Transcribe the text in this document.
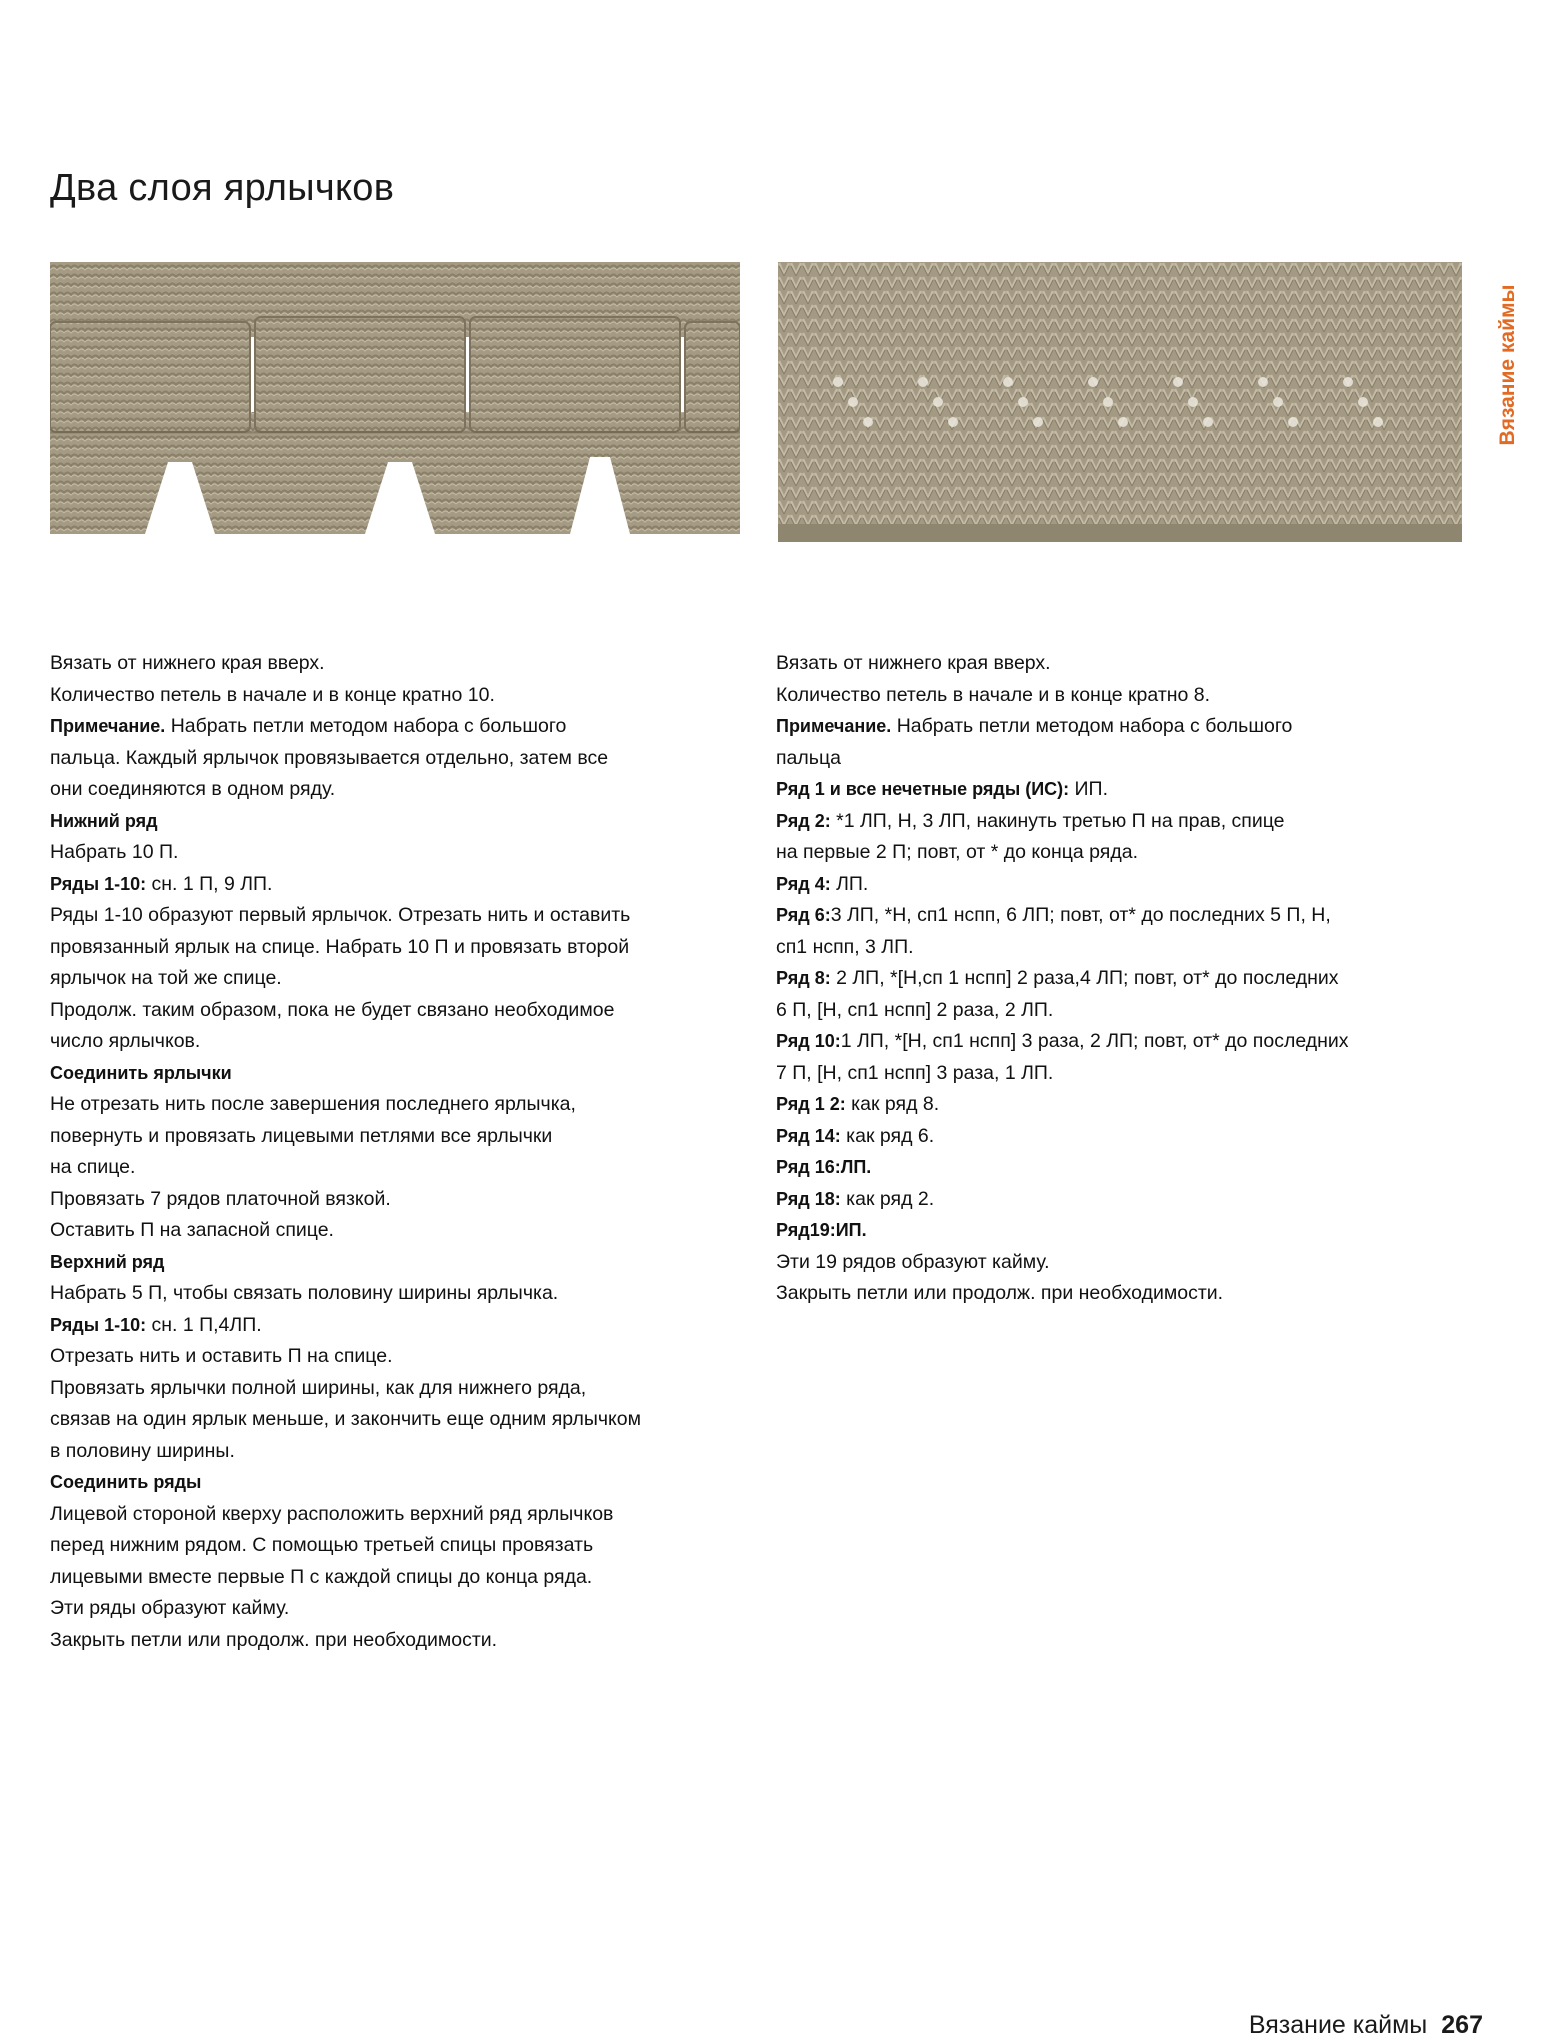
Два слоя ярлычков
Вязание каймы
Вязать от нижнего края вверх.
Количество петель в начале и в конце кратно 10.
Примечание. Набрать петли методом набора с большого
пальца. Каждый ярлычок провязывается отдельно, затем все
они соединяются в одном ряду.
Нижний ряд
Набрать 10 П.
Ряды 1-10: сн. 1 П, 9 ЛП.
Ряды 1-10 образуют первый ярлычок. Отрезать нить и оставить
провязанный ярлык на спице. Набрать 10 П и провязать второй
ярлычок на той же спице.
Продолж. таким образом, пока не будет связано необходимое
число ярлычков.
Соединить ярлычки
Не отрезать нить после завершения последнего ярлычка,
повернуть и провязать лицевыми петлями все ярлычки
на спице.
Провязать 7 рядов платочной вязкой.
Оставить П на запасной спице.
Верхний ряд
Набрать 5 П, чтобы связать половину ширины ярлычка.
Ряды 1-10: сн. 1 П,4ЛП.
Отрезать нить и оставить П на спице.
Провязать ярлычки полной ширины, как для нижнего ряда,
связав на один ярлык меньше, и закончить еще одним ярлычком
в половину ширины.
Соединить ряды
Лицевой стороной кверху расположить верхний ряд ярлычков
перед нижним рядом. С помощью третьей спицы провязать
лицевыми вместе первые П с каждой спицы до конца ряда.
Эти ряды образуют кайму.
Закрыть петли или продолж. при необходимости.
Вязать от нижнего края вверх.
Количество петель в начале и в конце кратно 8.
Примечание. Набрать петли методом набора с большого
пальца
Ряд 1 и все нечетные ряды (ИС): ИП.
Ряд 2: *1 ЛП, Н, 3 ЛП, накинуть третью П на прав, спице
на первые 2 П; повт, от * до конца ряда.
Ряд 4: ЛП.
Ряд 6:3 ЛП, *Н, сп1 нспп, 6 ЛП; повт, от* до последних 5 П, Н,
сп1 нспп, 3 ЛП.
Ряд 8: 2 ЛП, *[Н,сп 1 нспп] 2 раза,4 ЛП; повт, от* до последних
6 П, [Н, сп1 нспп] 2 раза, 2 ЛП.
Ряд 10:1 ЛП, *[Н, сп1 нспп] 3 раза, 2 ЛП; повт, от* до последних
7 П, [Н, сп1 нспп] 3 раза, 1 ЛП.
Ряд 1 2: как ряд 8.
Ряд 14: как ряд 6.
Ряд 16:ЛП.
Ряд 18: как ряд 2.
Ряд19:ИП.
Эти 19 рядов образуют кайму.
Закрыть петли или продолж. при необходимости.
Вязание каймы 267
